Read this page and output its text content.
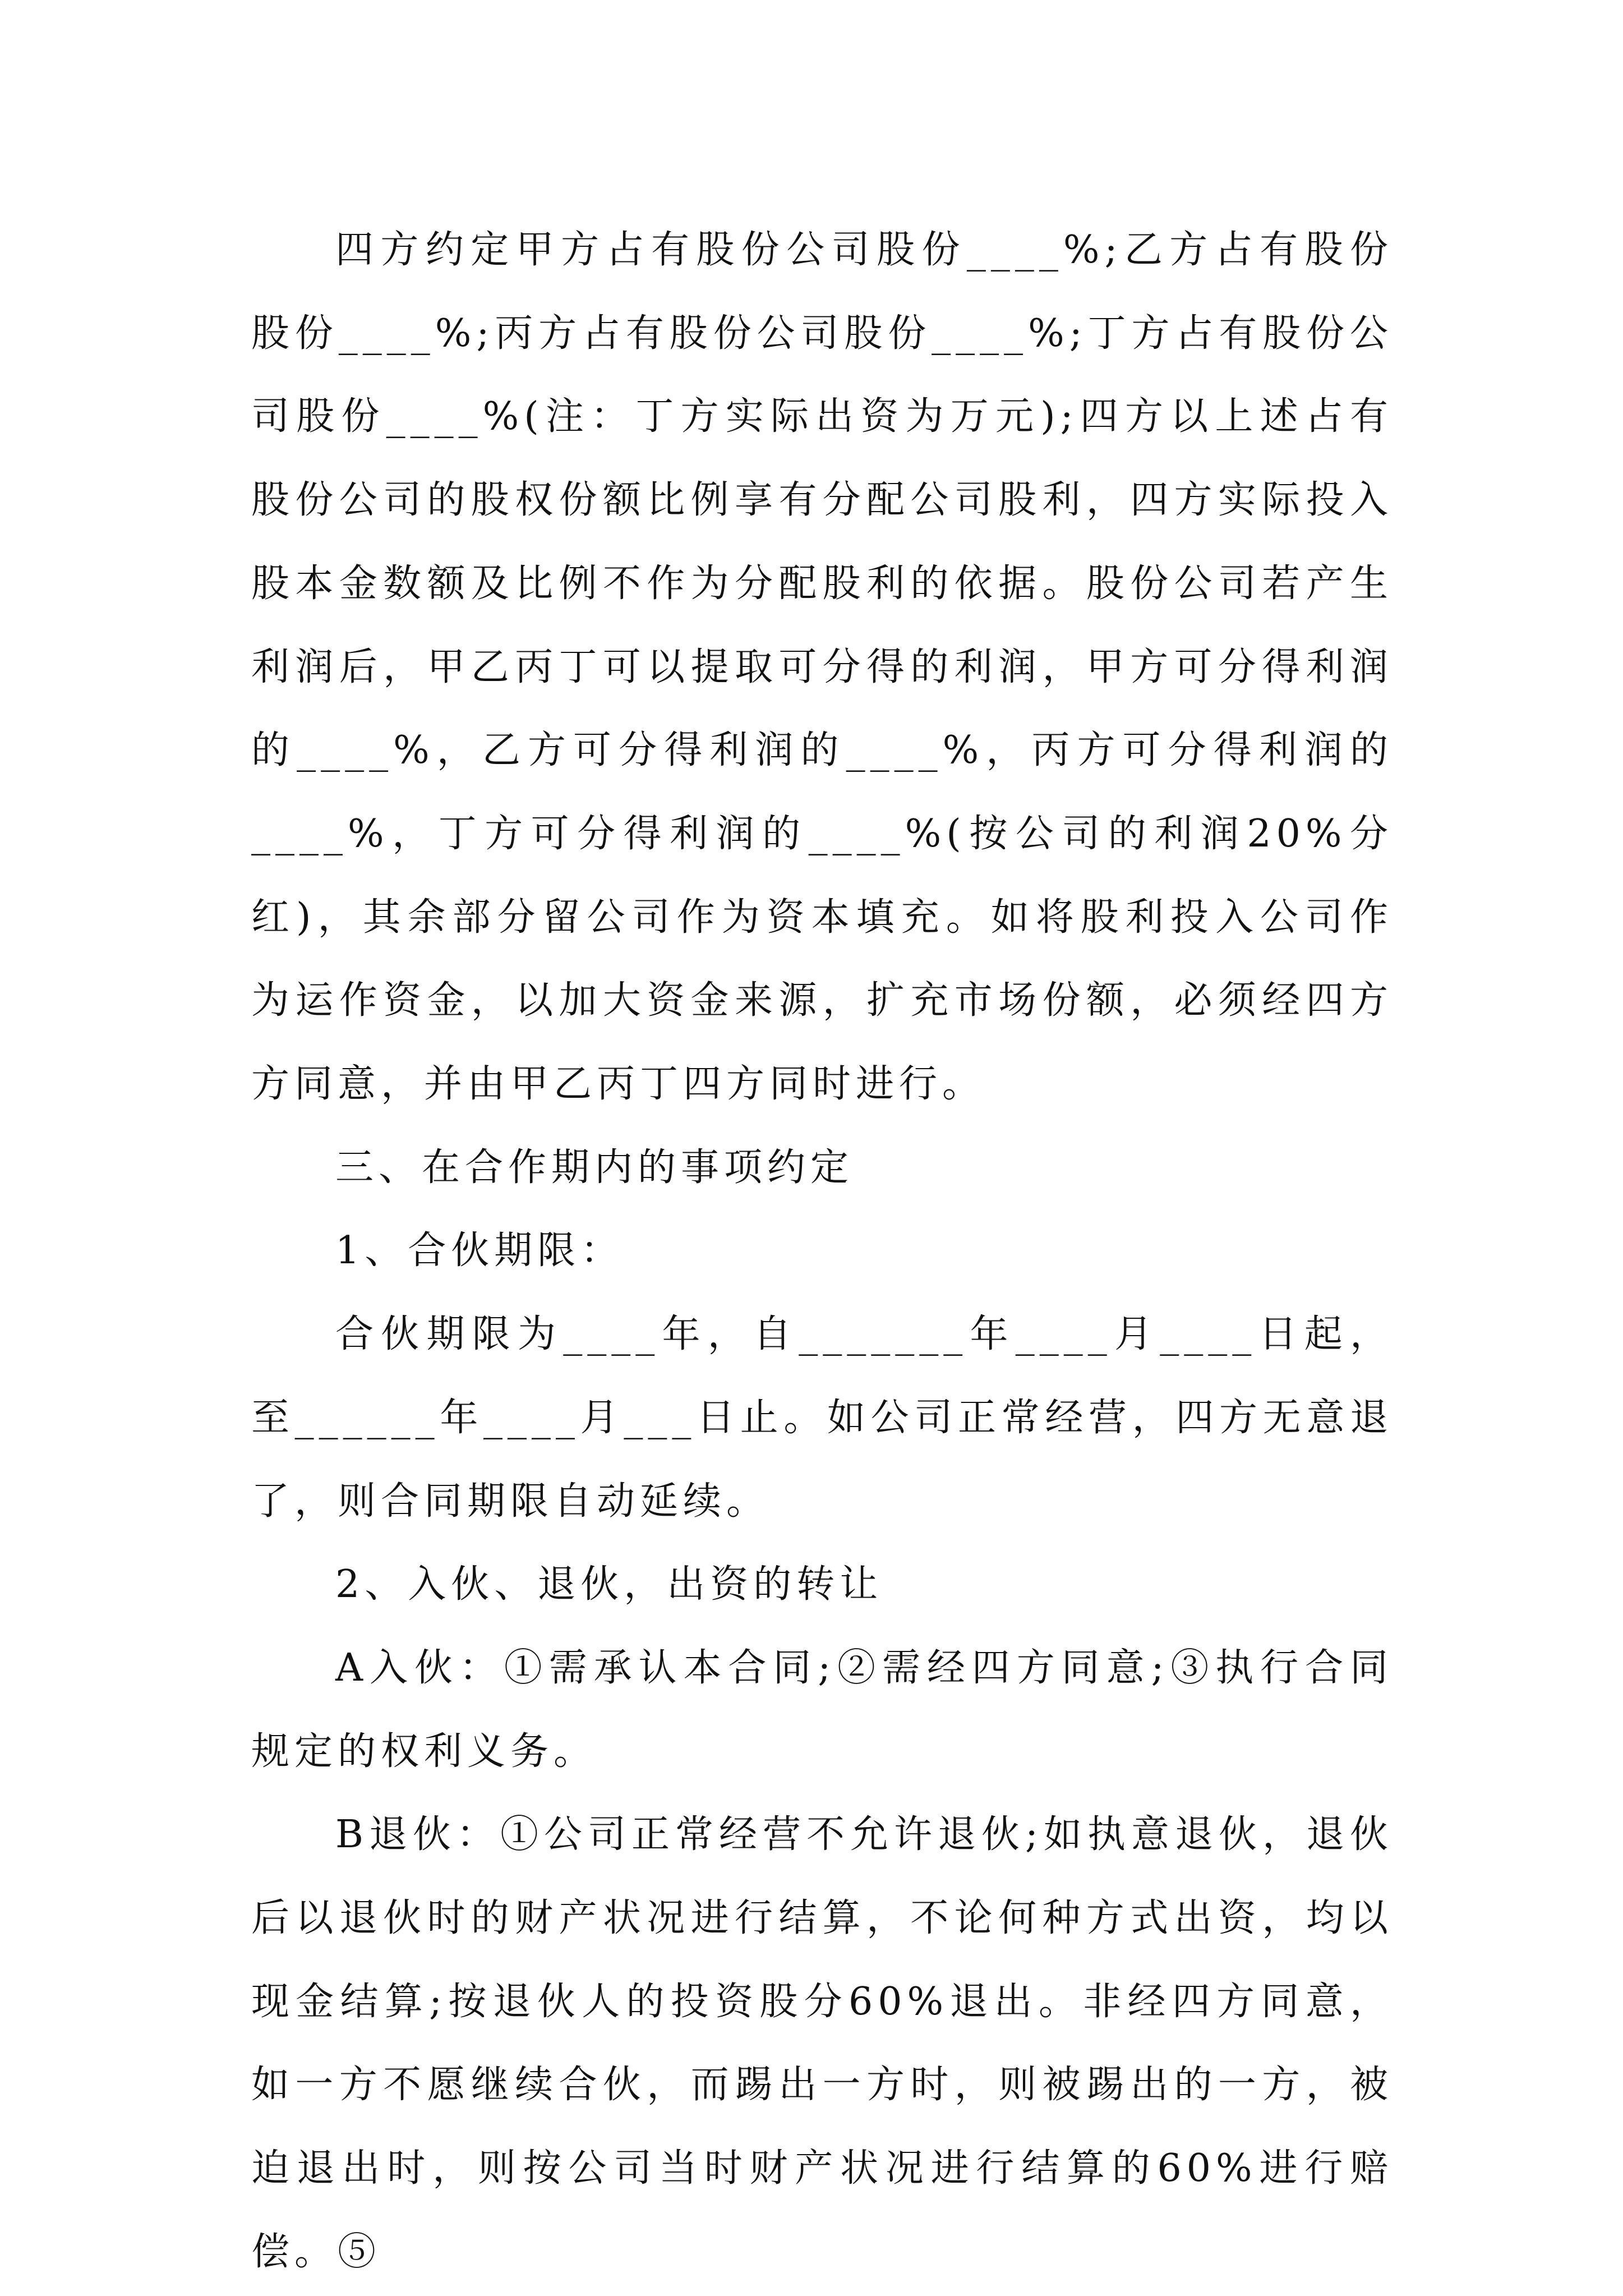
四方约定甲方占有股份公司股份____%;乙方占有股份股份____%;丙方占有股份公司股份____%;丁方占有股份公司股份____%(注：丁方实际出资为万元);四方以上述占有股份公司的股权份额比例享有分配公司股利，四方实际投入股本金数额及比例不作为分配股利的依据。股份公司若产生利润后，甲乙丙丁可以提取可分得的利润，甲方可分得利润的____%，乙方可分得利润的____%，丙方可分得利润的____%，丁方可分得利润的____%(按公司的利润20%分红)，其余部分留公司作为资本填充。如将股利投入公司作为运作资金，以加大资金来源，扩充市场份额，必须经四方方同意，并由甲乙丙丁四方同时进行。

三、在合作期内的事项约定

1、合伙期限：

合伙期限为____年，自_______年____月____日起，至______年____月___日止。如公司正常经营，四方无意退了，则合同期限自动延续。

2、入伙、退伙，出资的转让

A入伙：①需承认本合同;②需经四方同意;③执行合同规定的权利义务。

B退伙：①公司正常经营不允许退伙;如执意退伙，退伙后以退伙时的财产状况进行结算，不论何种方式出资，均以现金结算;按退伙人的投资股分60%退出。非经四方同意，如一方不愿继续合伙，而踢出一方时，则被踢出的一方，被迫退出时，则按公司当时财产状况进行结算的60%进行赔偿。⑤
